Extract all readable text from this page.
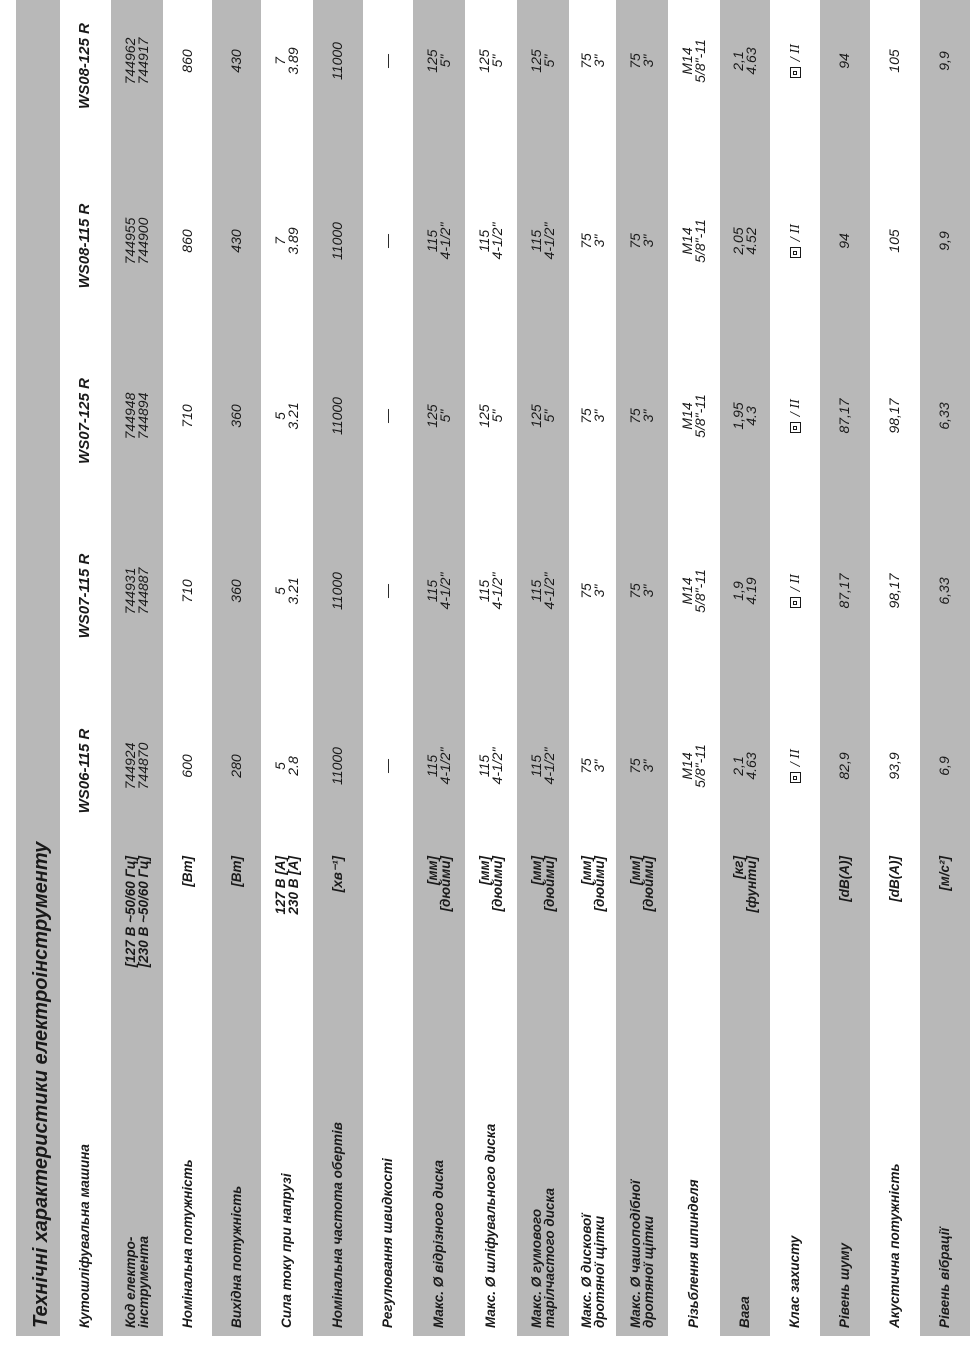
Технічні характеристики електроінструменту Кутошліфувальна машина
WS06-115 R
WS07-115 R
WS07-125 R
WS08-115 R
WS08-125 R
Код електро-
інструмента
[127 В ~50/60 Гц]
[230 В ~50/60 Гц]
744924
744870
744931
744887
744948
744894
744955
744900
744962
744917
Номінальна потужність
[Вт]
600
710
710
860
860
Вихідна потужність
[Вт]
280
360
360
430
430
Сила току при напрузі
127 В [A]
230 В [A]
5
2.8
5
3.21
5
3.21
7
3.89
7
3.89
Номінальна частота обертів
[хв⁻¹]
11000
11000
11000
11000
11000
Регулювання швидкості
—
—
—
—
—
Макс. Ø відрізного диска
[мм]
[дюйми]
115
4-1/2"
115
4-1/2"
125
5"
115
4-1/2"
125
5"
Макс. Ø шліфувального диска
[мм]
[дюйми]
115
4-1/2"
115
4-1/2"
125
5"
115
4-1/2"
125
5"
Макс. Ø гумового
тарілчастого диска
[мм]
[дюйми]
115
4-1/2"
115
4-1/2"
125
5"
115
4-1/2"
125
5"
Макс. Ø дискової
дротяної щітки
[мм]
[дюйми]
75
3"
75
3"
75
3"
75
3"
75
3"
Макс. Ø чашоподібної
дротяної щітки
[мм]
[дюйми]
75
3"
75
3"
75
3"
75
3"
75
3"
Різьблення шпинделя
M14
5/8"-11
M14
5/8"-11
M14
5/8"-11
M14
5/8"-11
M14
5/8"-11
Вага
[кг]
[фунти]
2,1
4.63
1,9
4.19
1,95
4.3
2,05
4.52
2,1
4.63
Клас захисту
/ II
/ II
/ II
/ II
/ II
Рівень шуму
[dB(A)]
82,9
87,17
87,17
94
94
Акустична потужність
[dB(A)]
93,9
98,17
98,17
105
105
Рівень вібрації
[м/с²]
6,9
6,33
6,33
9,9
9,9
